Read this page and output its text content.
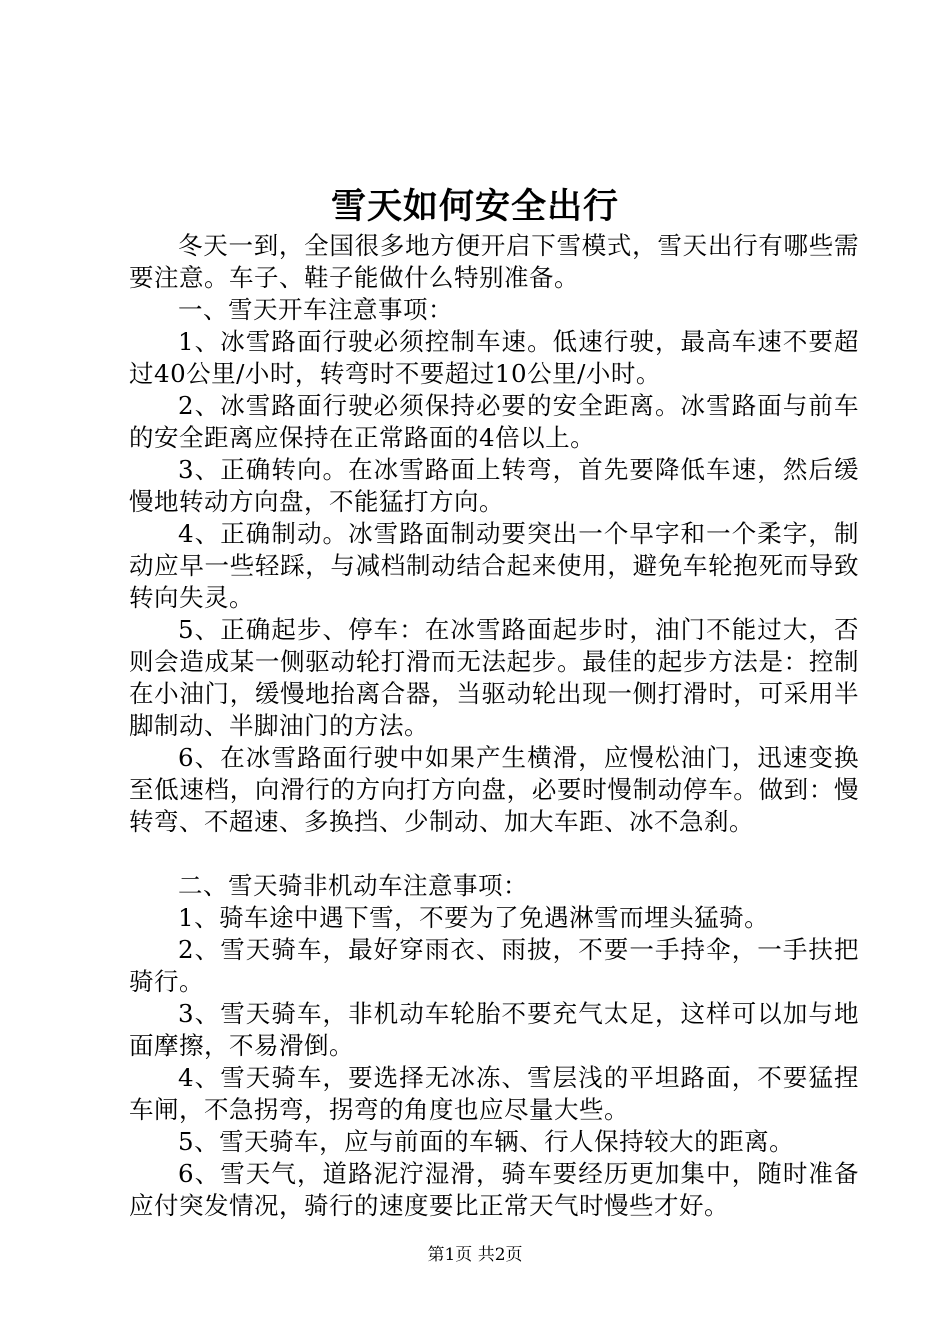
雪天如何安全出行

冬天一到，全国很多地方便开启下雪模式，雪天出行有哪些需要注意。车子、鞋子能做什么特别准备。

一、雪天开车注意事项：

1、冰雪路面行驶必须控制车速。低速行驶，最高车速不要超过40公里/小时，转弯时不要超过10公里/小时。

2、冰雪路面行驶必须保持必要的安全距离。冰雪路面与前车的安全距离应保持在正常路面的4倍以上。

3、正确转向。在冰雪路面上转弯，首先要降低车速，然后缓慢地转动方向盘，不能猛打方向。

4、正确制动。冰雪路面制动要突出一个早字和一个柔字，制动应早一些轻踩，与减档制动结合起来使用，避免车轮抱死而导致转向失灵。

5、正确起步、停车：在冰雪路面起步时，油门不能过大，否则会造成某一侧驱动轮打滑而无法起步。最佳的起步方法是：控制在小油门，缓慢地抬离合器，当驱动轮出现一侧打滑时，可采用半脚制动、半脚油门的方法。

6、在冰雪路面行驶中如果产生横滑，应慢松油门，迅速变换至低速档，向滑行的方向打方向盘，必要时慢制动停车。做到：慢转弯、不超速、多换挡、少制动、加大车距、冰不急刹。

二、雪天骑非机动车注意事项：

1、骑车途中遇下雪，不要为了免遇淋雪而埋头猛骑。

2、雪天骑车，最好穿雨衣、雨披，不要一手持伞，一手扶把骑行。

3、雪天骑车，非机动车轮胎不要充气太足，这样可以加与地面摩擦，不易滑倒。

4、雪天骑车，要选择无冰冻、雪层浅的平坦路面，不要猛捏车闸，不急拐弯，拐弯的角度也应尽量大些。

5、雪天骑车，应与前面的车辆、行人保持较大的距离。

6、雪天气，道路泥泞湿滑，骑车要经历更加集中，随时准备应付突发情况，骑行的速度要比正常天气时慢些才好。

第1页 共2页
